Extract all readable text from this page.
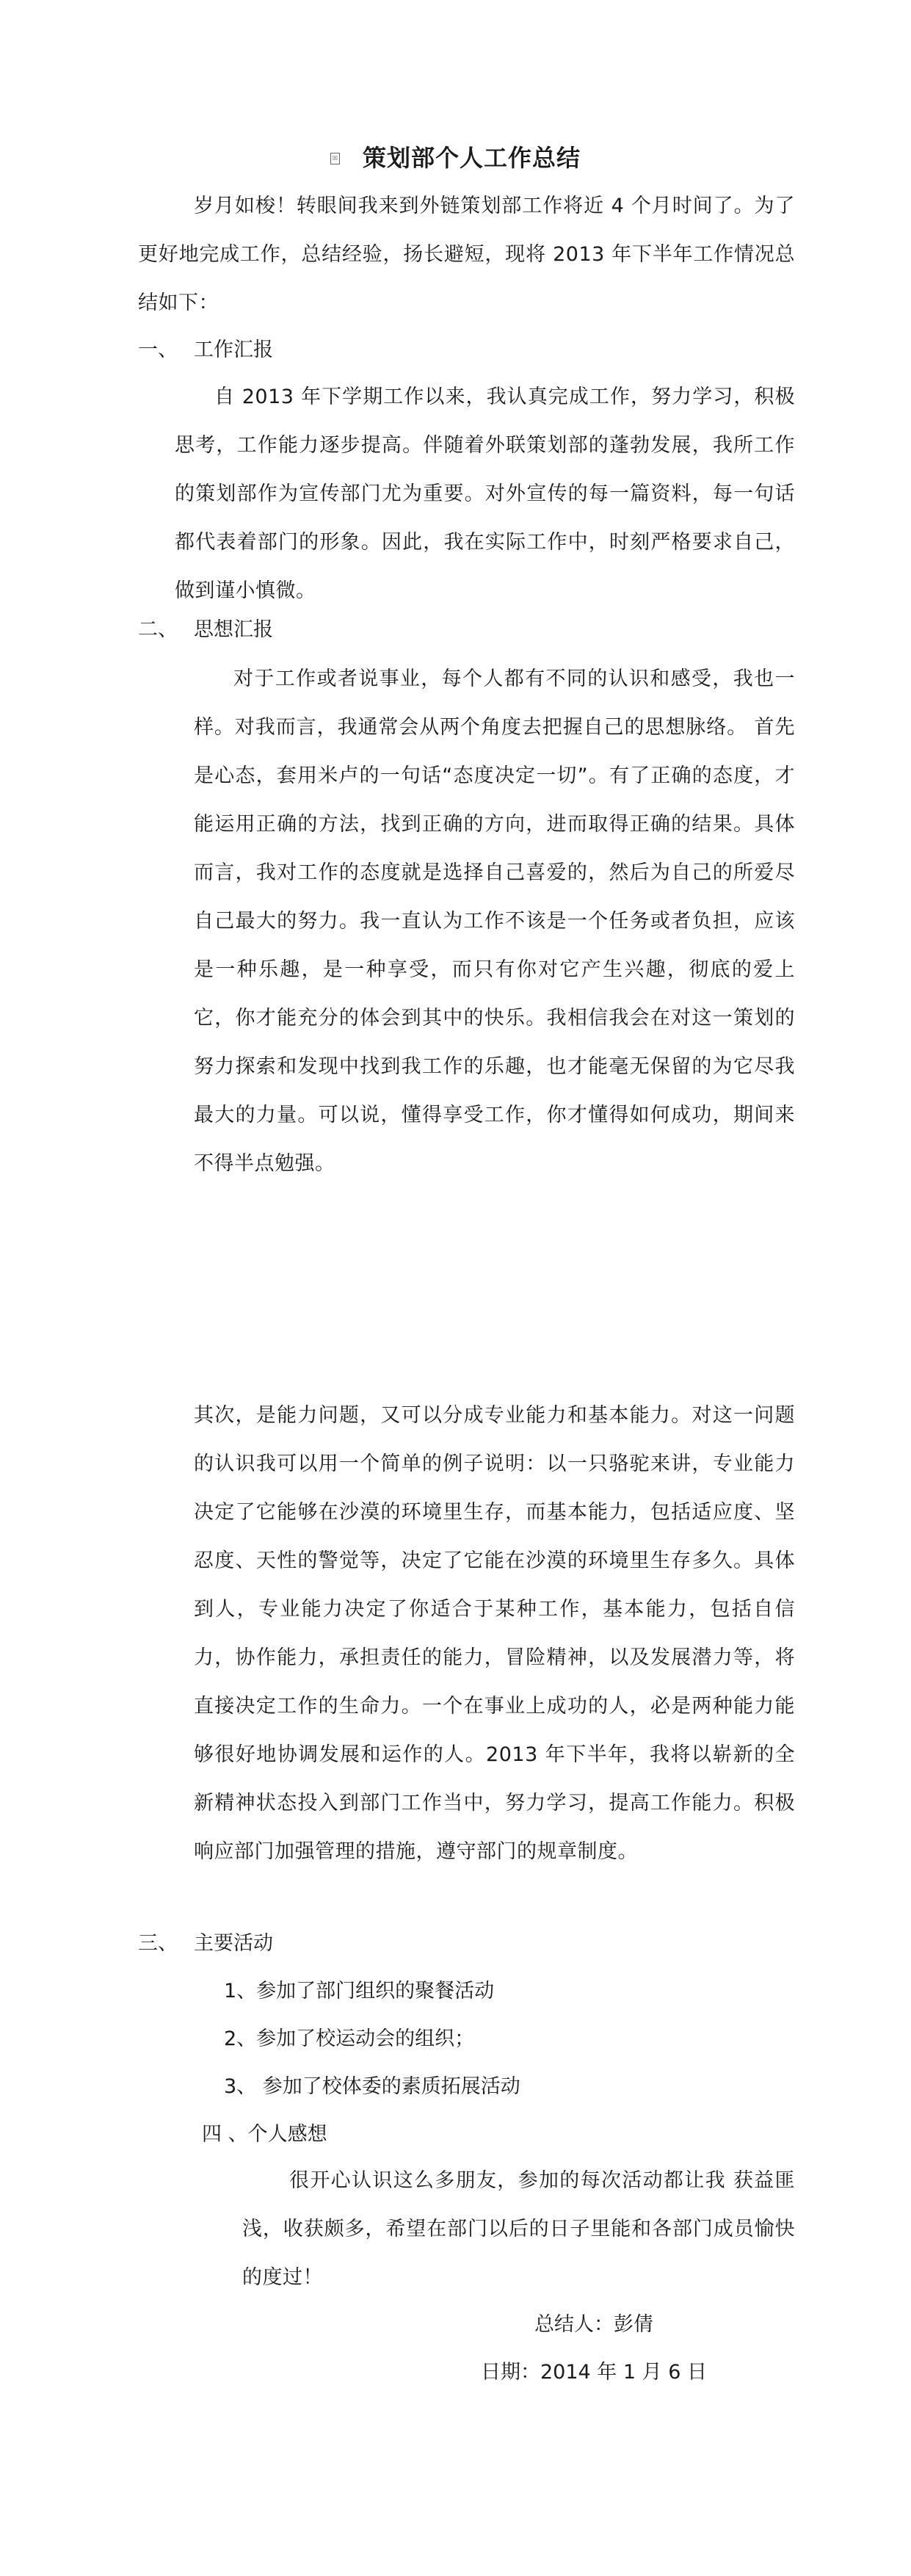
☒ 策划部个人工作总结

岁月如梭！转眼间我来到外链策划部工作将近 4 个月时间了。为了更好地完成工作，总结经验，扬长避短，现将 2013 年下半年工作情况总结如下：

一、 工作汇报

自 2013 年下学期工作以来，我认真完成工作，努力学习，积极思考，工作能力逐步提高。伴随着外联策划部的蓬勃发展，我所工作的策划部作为宣传部门尤为重要。对外宣传的每一篇资料，每一句话都代表着部门的形象。因此，我在实际工作中，时刻严格要求自己，做到谨小慎微。

二、 思想汇报

对于工作或者说事业，每个人都有不同的认识和感受，我也一样。对我而言，我通常会从两个角度去把握自己的思想脉络。 首先是心态，套用米卢的一句话“态度决定一切”。有了正确的态度，才能运用正确的方法，找到正确的方向，进而取得正确的结果。具体而言，我对工作的态度就是选择自己喜爱的，然后为自己的所爱尽自己最大的努力。我一直认为工作不该是一个任务或者负担，应该是一种乐趣，是一种享受，而只有你对它产生兴趣，彻底的爱上它，你才能充分的体会到其中的快乐。我相信我会在对这一策划的努力探索和发现中找到我工作的乐趣，也才能毫无保留的为它尽我最大的力量。可以说，懂得享受工作，你才懂得如何成功，期间来不得半点勉强。

其次，是能力问题，又可以分成专业能力和基本能力。对这一问题的认识我可以用一个简单的例子说明：以一只骆驼来讲，专业能力决定了它能够在沙漠的环境里生存，而基本能力，包括适应度、坚忍度、天性的警觉等，决定了它能在沙漠的环境里生存多久。具体到人，专业能力决定了你适合于某种工作，基本能力，包括自信力，协作能力，承担责任的能力，冒险精神，以及发展潜力等，将直接决定工作的生命力。一个在事业上成功的人，必是两种能力能够很好地协调发展和运作的人。2013 年下半年，我将以崭新的全新精神状态投入到部门工作当中，努力学习，提高工作能力。积极响应部门加强管理的措施，遵守部门的规章制度。

三、 主要活动
1、参加了部门组织的聚餐活动
2、参加了校运动会的组织；
3、 参加了校体委的素质拓展活动
四 、个人感想

很开心认识这么多朋友，参加的每次活动都让我 获益匪浅，收获颇多，希望在部门以后的日子里能和各部门成员愉快的度过！

总结人：彭倩
日期：2014 年 1 月 6 日
